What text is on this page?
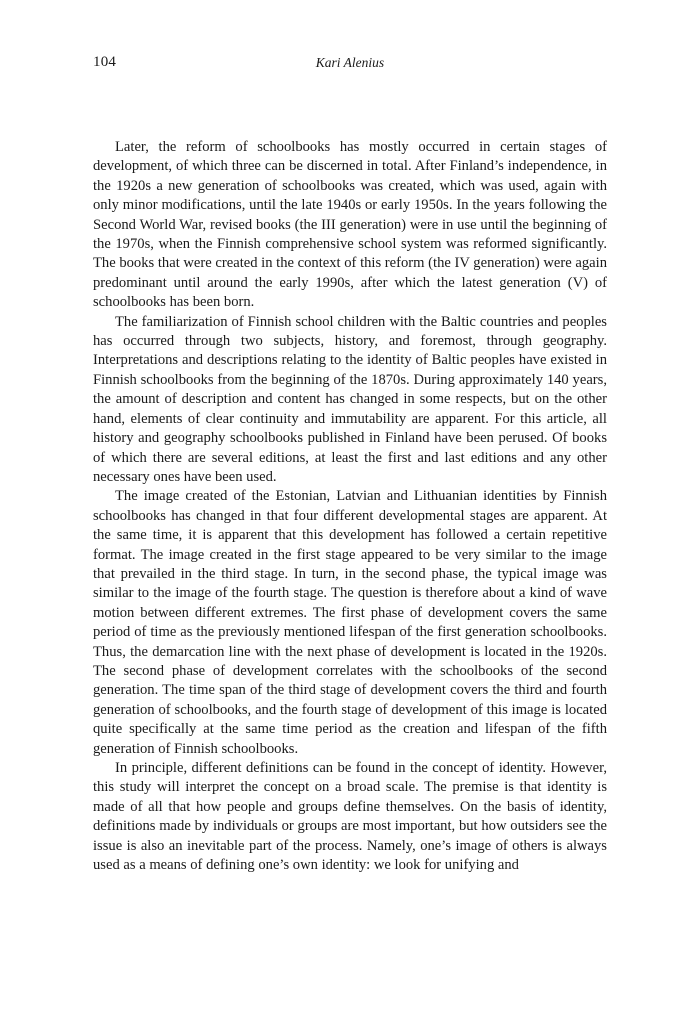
104	Kari Alenius

Later, the reform of schoolbooks has mostly occurred in certain stages of development, of which three can be discerned in total. After Finland’s independence, in the 1920s a new generation of schoolbooks was created, which was used, again with only minor modifications, until the late 1940s or early 1950s. In the years following the Second World War, revised books (the III generation) were in use until the beginning of the 1970s, when the Finnish comprehensive school system was reformed significantly. The books that were created in the context of this reform (the IV generation) were again predominant until around the early 1990s, after which the latest generation (V) of schoolbooks has been born.

The familiarization of Finnish school children with the Baltic countries and peoples has occurred through two subjects, history, and foremost, through geography. Interpretations and descriptions relating to the identity of Baltic peoples have existed in Finnish schoolbooks from the beginning of the 1870s. During approximately 140 years, the amount of description and content has changed in some respects, but on the other hand, elements of clear continuity and immutability are apparent. For this article, all history and geography schoolbooks published in Finland have been perused. Of books of which there are several editions, at least the first and last editions and any other necessary ones have been used.

The image created of the Estonian, Latvian and Lithuanian identities by Finnish schoolbooks has changed in that four different developmental stages are apparent. At the same time, it is apparent that this development has followed a certain repetitive format. The image created in the first stage appeared to be very similar to the image that prevailed in the third stage. In turn, in the second phase, the typical image was similar to the image of the fourth stage. The question is therefore about a kind of wave motion between different extremes. The first phase of development covers the same period of time as the previously mentioned lifespan of the first generation schoolbooks. Thus, the demarcation line with the next phase of development is located in the 1920s. The second phase of development correlates with the schoolbooks of the second generation. The time span of the third stage of development covers the third and fourth generation of schoolbooks, and the fourth stage of development of this image is located quite specifically at the same time period as the creation and lifespan of the fifth generation of Finnish schoolbooks.

In principle, different definitions can be found in the concept of identity. However, this study will interpret the concept on a broad scale. The premise is that identity is made of all that how people and groups define themselves. On the basis of identity, definitions made by individuals or groups are most important, but how outsiders see the issue is also an inevitable part of the process. Namely, one’s image of others is always used as a means of defining one’s own identity: we look for unifying and
